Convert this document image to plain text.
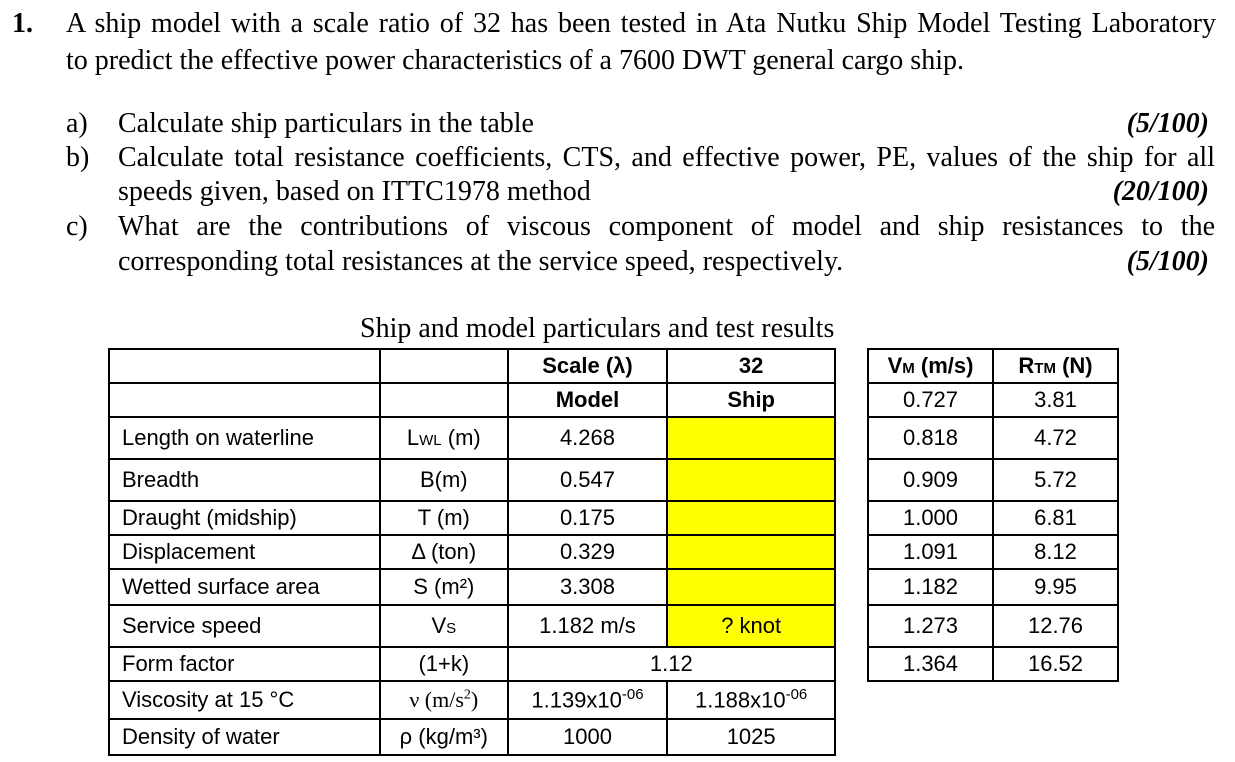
1. A ship model with a scale ratio of 32 has been tested in Ata Nutku Ship Model Testing Laboratory
to predict the effective power characteristics of a 7600 DWT general cargo ship.
a) Calculate ship particulars in the table	(5/100)
b) Calculate total resistance coefficients, CTS, and effective power, PE, values of the ship for all
speeds given, based on ITTC1978 method	(20/100)
c) What are the contributions of viscous component of model and ship resistances to the
corresponding total resistances at the service speed, respectively.	(5/100)
Ship and model particulars and test results
		Scale (λ)	32
		Model	Ship
Length on waterline	LWL (m)	4.268	
Breadth	B(m)	0.547	
Draught (midship)	T (m)	0.175	
Displacement	Δ (ton)	0.329	
Wetted surface area	S (m²)	3.308	
Service speed	VS	1.182 m/s	? knot
Form factor	(1+k)	1.12	
Viscosity at 15 °C	ν $(m/s^2)$	$1.139x10^{-06}$	$1.188x10^{-06}$
Density of water	ρ (kg/m³)	1000	1025
VM (m/s)	RTM (N)
0.727	3.81
0.818	4.72
0.909	5.72
1.000	6.81
1.091	8.12
1.182	9.95
1.273	12.76
1.364	16.52
